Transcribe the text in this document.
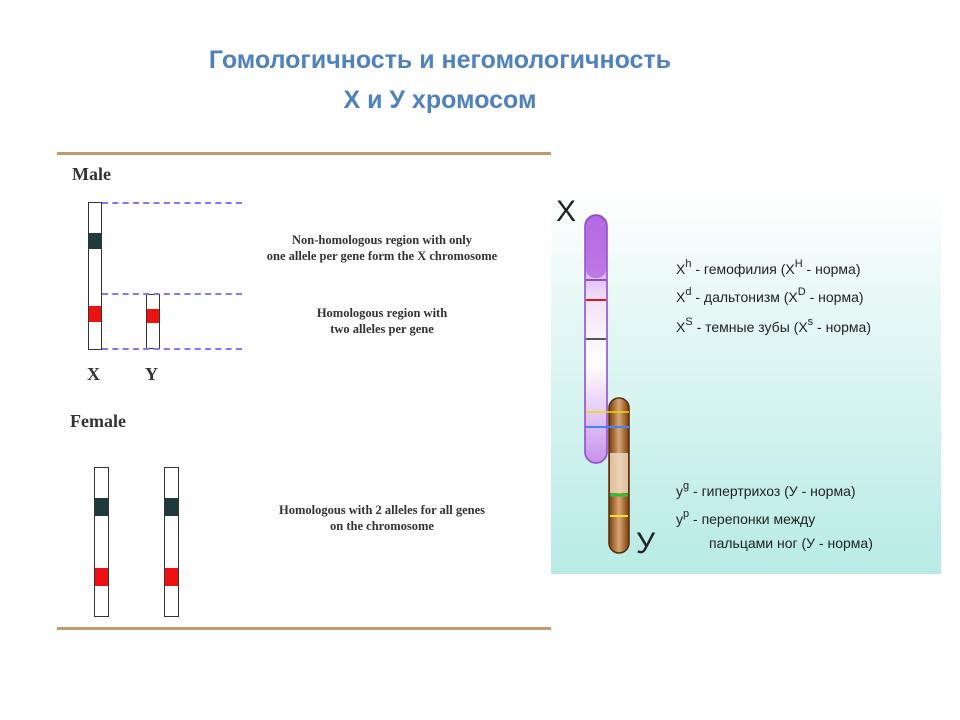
Гомологичность и негомологичность
Х и У хромосом
Male
X	Y
Non-homologous region with only
one allele per gene form the X chromosome
Homologous region with
two alleles per gene
Female
Homologous with 2 alleles for all genes
on the chromosome
X
У
$X^h$ - гемофилия ($X^H$ - норма)
$X^d$ - дальтонизм ($X^D$ - норма)
$X^S$ - темные зубы ($X^s$ - норма)
$у^g$ - гипертрихоз (У - норма)
$у^p$ - перепонки между
пальцами ног (У - норма)
